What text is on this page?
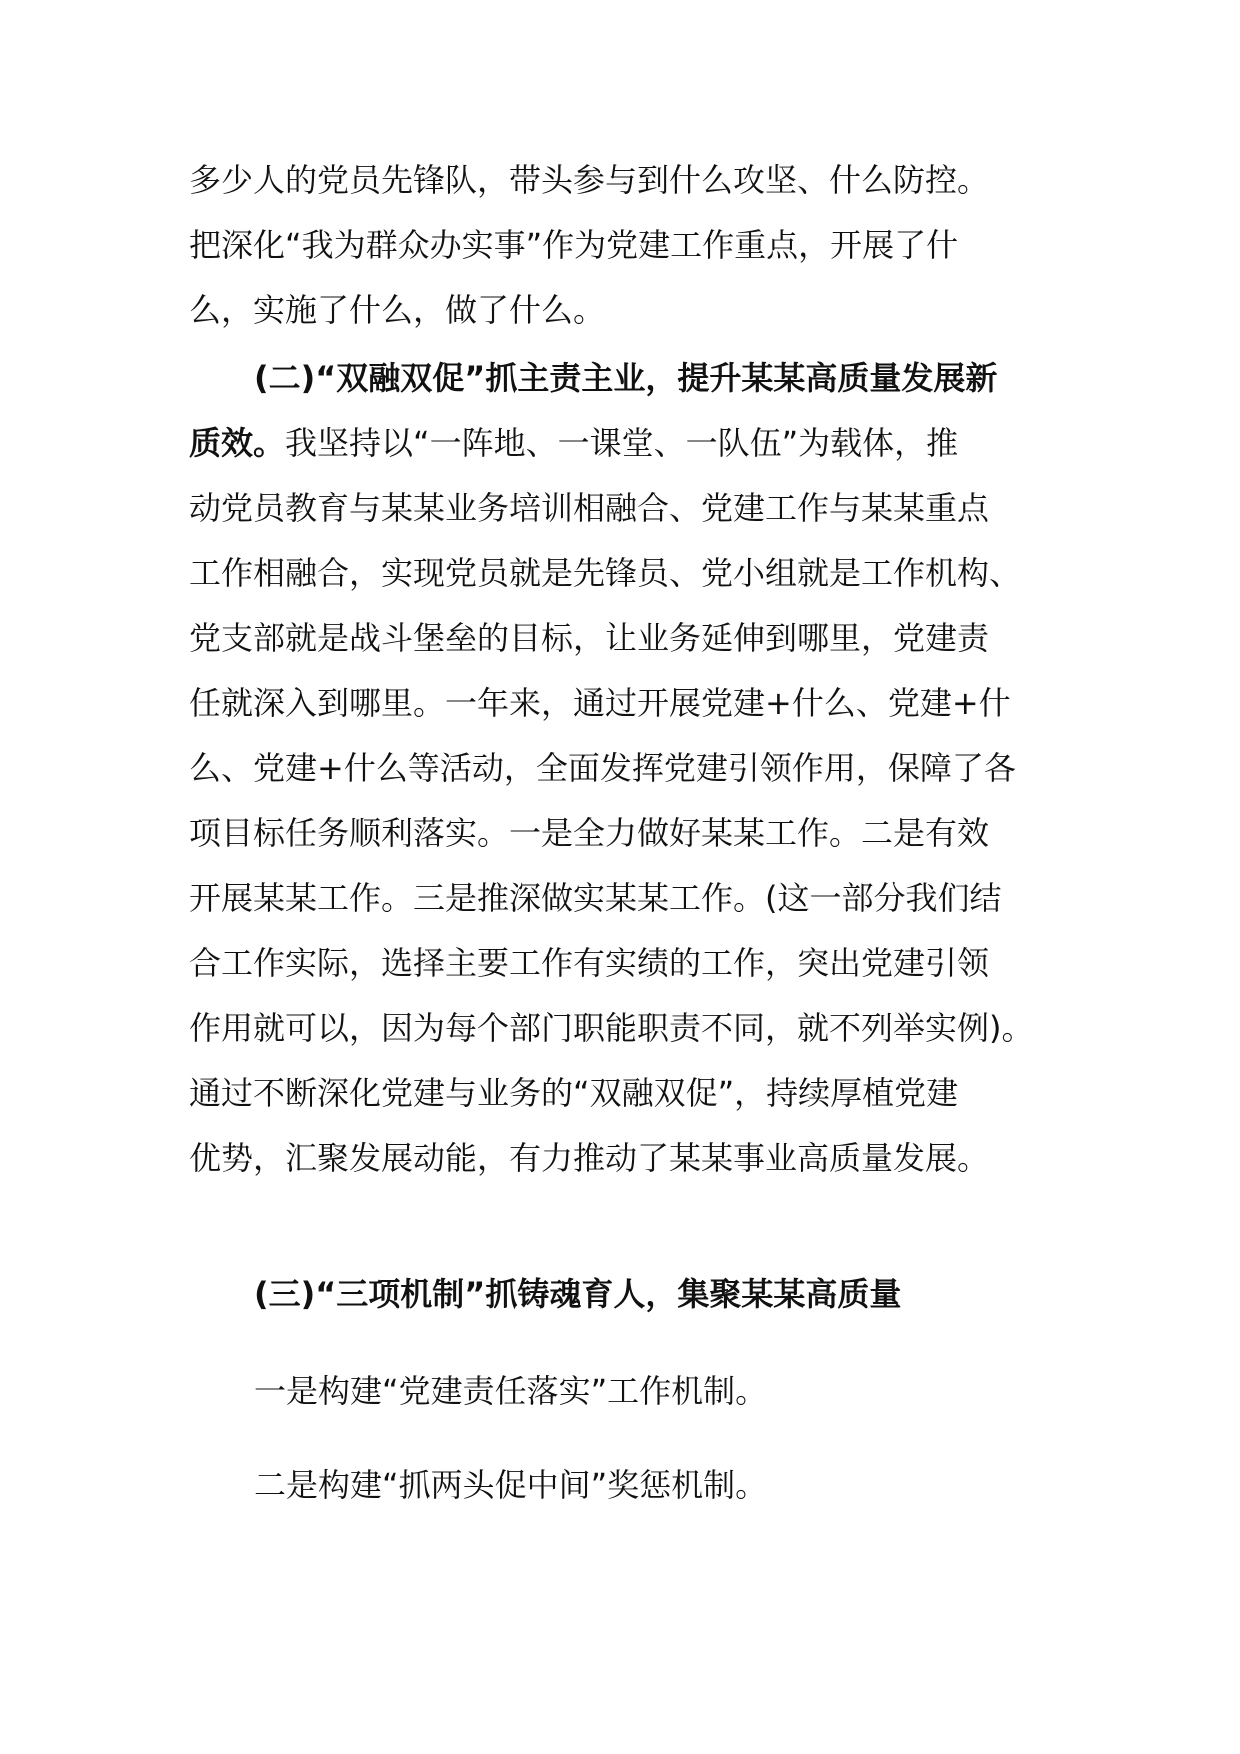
多少人的党员先锋队，带头参与到什么攻坚、什么防控。
把深化“我为群众办实事”作为党建工作重点，开展了什
么，实施了什么，做了什么。
(二)“双融双促”抓主责主业，提升某某高质量发展新
质效。我坚持以“一阵地、一课堂、一队伍”为载体，推
动党员教育与某某业务培训相融合、党建工作与某某重点
工作相融合，实现党员就是先锋员、党小组就是工作机构、
党支部就是战斗堡垒的目标，让业务延伸到哪里，党建责
任就深入到哪里。一年来，通过开展党建+什么、党建+什
么、党建+什么等活动，全面发挥党建引领作用，保障了各
项目标任务顺利落实。一是全力做好某某工作。二是有效
开展某某工作。三是推深做实某某工作。(这一部分我们结
合工作实际，选择主要工作有实绩的工作，突出党建引领
作用就可以，因为每个部门职能职责不同，就不列举实例)。
通过不断深化党建与业务的“双融双促”，持续厚植党建
优势，汇聚发展动能，有力推动了某某事业高质量发展。
(三)“三项机制”抓铸魂育人，集聚某某高质量
一是构建“党建责任落实”工作机制。
二是构建“抓两头促中间”奖惩机制。
